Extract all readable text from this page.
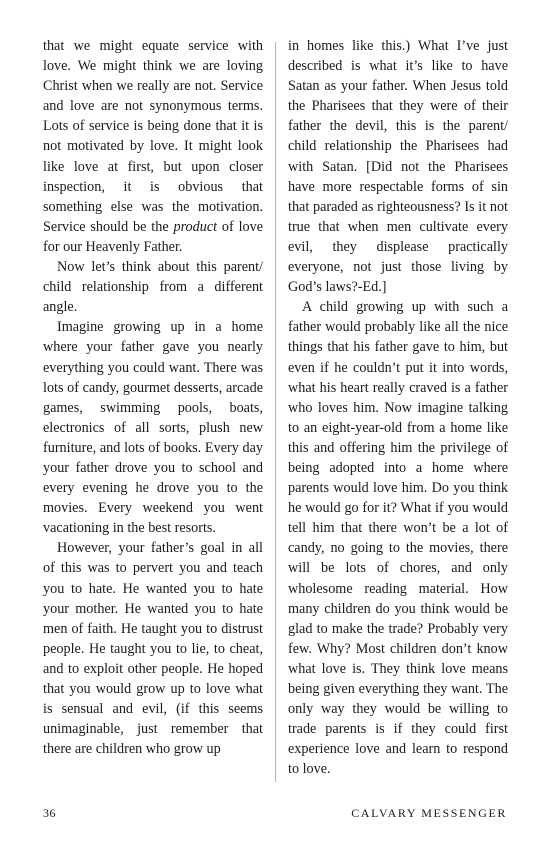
that we might equate service with love. We might think we are loving Christ when we really are not. Service and love are not synonymous terms. Lots of service is being done that it is not motivated by love. It might look like love at first, but upon closer inspection, it is obvious that something else was the motivation. Service should be the product of love for our Heavenly Father.

Now let’s think about this parent/ child relationship from a different angle.

Imagine growing up in a home where your father gave you nearly everything you could want. There was lots of candy, gourmet desserts, arcade games, swimming pools, boats, electronics of all sorts, plush new furniture, and lots of books. Every day your father drove you to school and every evening he drove you to the movies. Every weekend you went vacationing in the best resorts.

However, your father’s goal in all of this was to pervert you and teach you to hate. He wanted you to hate your mother. He wanted you to hate men of faith. He taught you to distrust people. He taught you to lie, to cheat, and to exploit other people. He hoped that you would grow up to love what is sensual and evil, (if this seems unimaginable, just remember that there are children who grow up

in homes like this.) What I’ve just described is what it’s like to have Satan as your father. When Jesus told the Pharisees that they were of their father the devil, this is the parent/ child relationship the Pharisees had with Satan. [Did not the Pharisees have more respectable forms of sin that paraded as righteousness? Is it not true that when men cultivate every evil, they displease practically everyone, not just those living by God’s laws?-Ed.]

A child growing up with such a father would probably like all the nice things that his father gave to him, but even if he couldn’t put it into words, what his heart really craved is a father who loves him. Now imagine talking to an eight-year-old from a home like this and offering him the privilege of being adopted into a home where parents would love him. Do you think he would go for it? What if you would tell him that there won’t be a lot of candy, no going to the movies, there will be lots of chores, and only wholesome reading material. How many children do you think would be glad to make the trade? Probably very few. Why? Most children don’t know what love is. They think love means being given everything they want. The only way they would be willing to trade parents is if they could first experience love and learn to respond to love.

36	CALVARY MESSENGER
